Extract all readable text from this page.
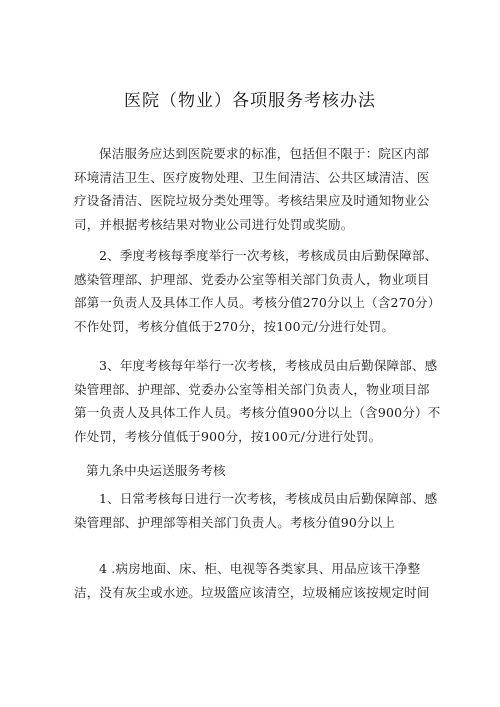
医院（物业）各项服务考核办法
保洁服务应达到医院要求的标准，包括但不限于：院区内部
环境清洁卫生、医疗废物处理、卫生间清洁、公共区域清洁、医
疗设备清洁、医院垃圾分类处理等。考核结果应及时通知物业公
司，并根据考核结果对物业公司进行处罚或奖励。
2、季度考核每季度举行一次考核，考核成员由后勤保障部、
感染管理部、护理部、党委办公室等相关部门负责人，物业项目
部第一负责人及具体工作人员。考核分值270分以上（含270分）
不作处罚，考核分值低于270分，按100元/分进行处罚。
3、年度考核每年举行一次考核，考核成员由后勤保障部、感
染管理部、护理部、党委办公室等相关部门负责人，物业项目部
第一负责人及具体工作人员。考核分值900分以上（含900分）不
作处罚，考核分值低于900分，按100元/分进行处罚。
第九条中央运送服务考核
1、日常考核每日进行一次考核，考核成员由后勤保障部、感
染管理部、护理部等相关部门负责人。考核分值90分以上
4 .病房地面、床、柜、电视等各类家具、用品应该干净整
洁，没有灰尘或水迹。垃圾篮应该清空，垃圾桶应该按规定时间
